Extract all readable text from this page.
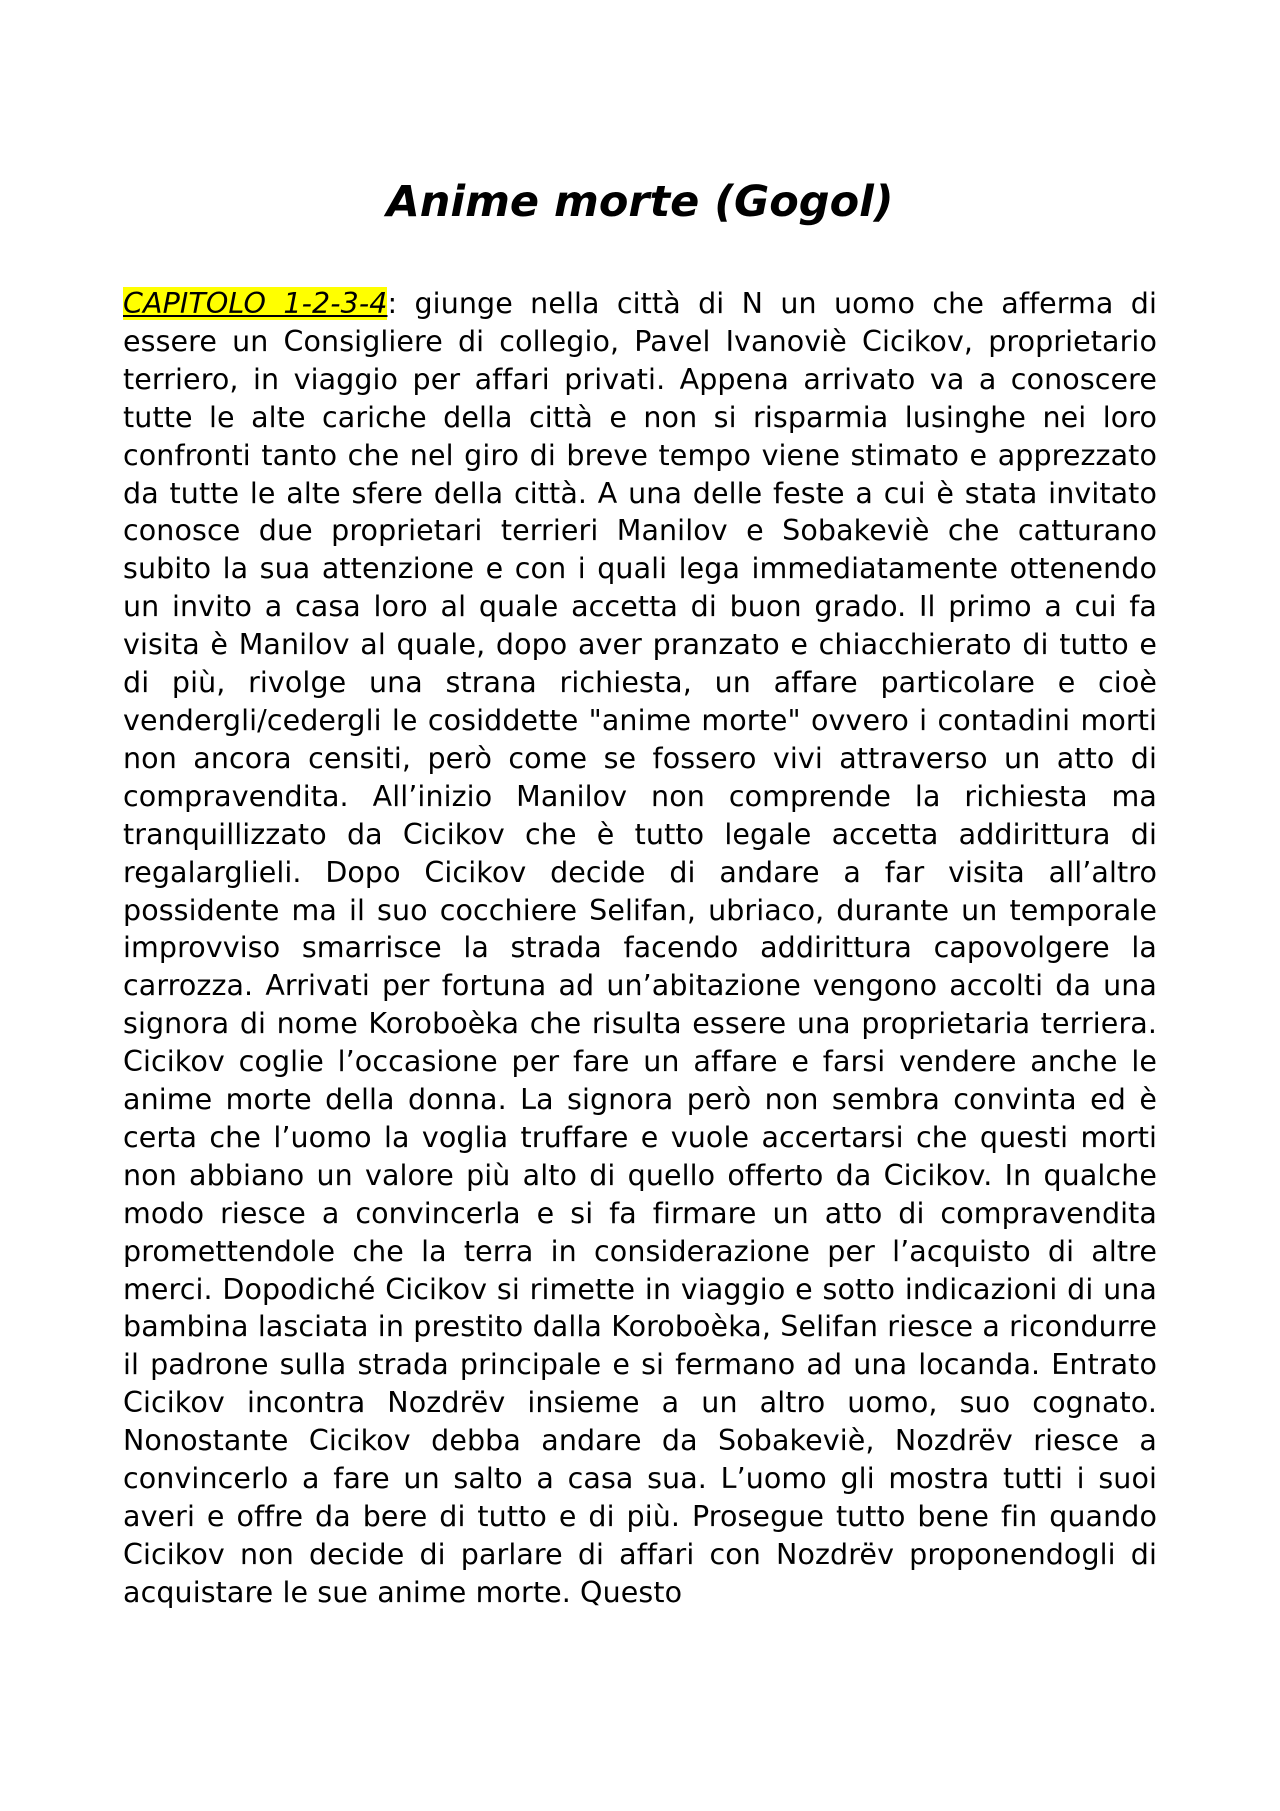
Anime morte (Gogol)

CAPITOLO 1-2-3-4: giunge nella città di N un uomo che afferma di essere un Consigliere di collegio, Pavel Ivanoviè Cicikov, proprietario terriero, in viaggio per affari privati. Appena arrivato va a conoscere tutte le alte cariche della città e non si risparmia lusinghe nei loro confronti tanto che nel giro di breve tempo viene stimato e apprezzato da tutte le alte sfere della città. A una delle feste a cui è stata invitato conosce due proprietari terrieri Manilov e Sobakeviè che catturano subito la sua attenzione e con i quali lega immediatamente ottenendo un invito a casa loro al quale accetta di buon grado. Il primo a cui fa visita è Manilov al quale, dopo aver pranzato e chiacchierato di tutto e di più, rivolge una strana richiesta, un affare particolare e cioè vendergli/cedergli le cosiddette "anime morte" ovvero i contadini morti non ancora censiti, però come se fossero vivi attraverso un atto di compravendita. All’inizio Manilov non comprende la richiesta ma tranquillizzato da Cicikov che è tutto legale accetta addirittura di regalarglieli. Dopo Cicikov decide di andare a far visita all’altro possidente ma il suo cocchiere Selifan, ubriaco, durante un temporale improvviso smarrisce la strada facendo addirittura capovolgere la carrozza. Arrivati per fortuna ad un’abitazione vengono accolti da una signora di nome Koroboèka che risulta essere una proprietaria terriera. Cicikov coglie l’occasione per fare un affare e farsi vendere anche le anime morte della donna. La signora però non sembra convinta ed è certa che l’uomo la voglia truffare e vuole accertarsi che questi morti non abbiano un valore più alto di quello offerto da Cicikov. In qualche modo riesce a convincerla e si fa firmare un atto di compravendita promettendole che la terra in considerazione per l’acquisto di altre merci. Dopodiché Cicikov si rimette in viaggio e sotto indicazioni di una bambina lasciata in prestito dalla Koroboèka, Selifan riesce a ricondurre il padrone sulla strada principale e si fermano ad una locanda. Entrato Cicikov incontra Nozdrëv insieme a un altro uomo, suo cognato. Nonostante Cicikov debba andare da Sobakeviè, Nozdrëv riesce a convincerlo a fare un salto a casa sua. L’uomo gli mostra tutti i suoi averi e offre da bere di tutto e di più. Prosegue tutto bene fin quando Cicikov non decide di parlare di affari con Nozdrëv proponendogli di acquistare le sue anime morte. Questo
